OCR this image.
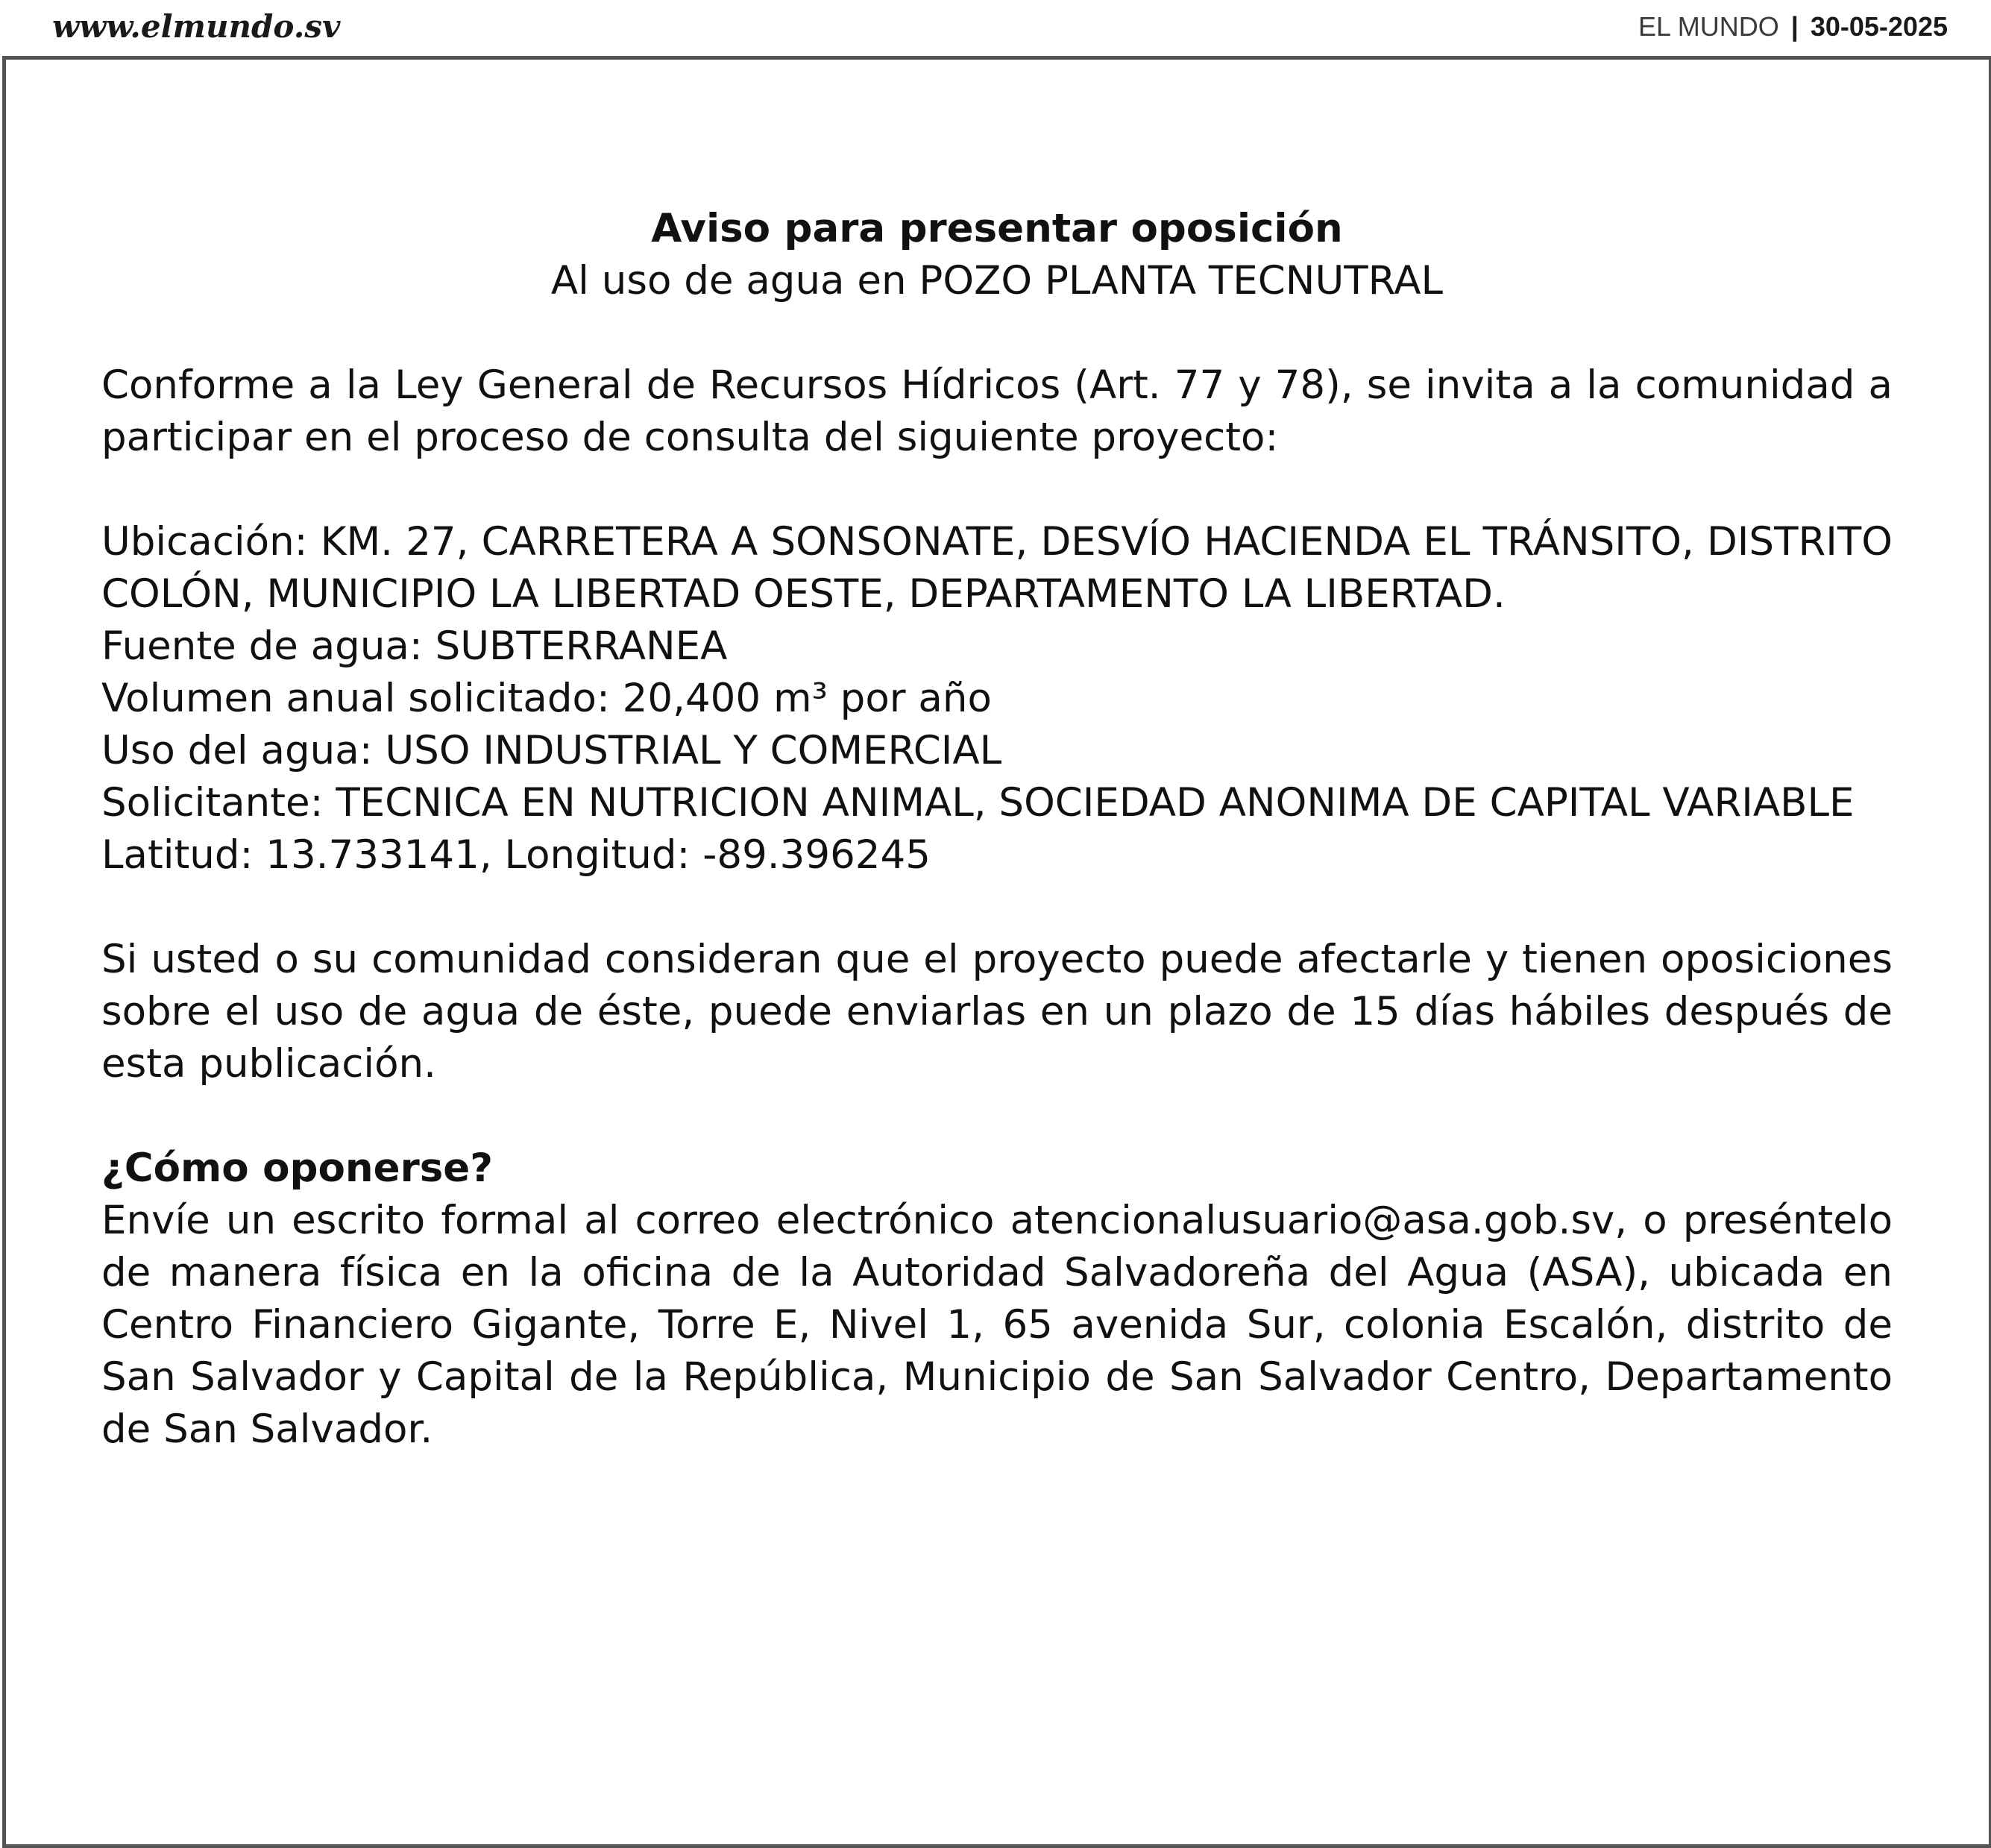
www.elmundo.sv	EL MUNDO | 30-05-2025

Aviso para presentar oposición

Al uso de agua en POZO PLANTA TECNUTRAL

Conforme a la Ley General de Recursos Hídricos (Art. 77 y 78), se invita a la comunidad a participar en el proceso de consulta del siguiente proyecto:

Ubicación: KM. 27, CARRETERA A SONSONATE, DESVÍO HACIENDA EL TRÁNSITO, DISTRITO COLÓN, MUNICIPIO LA LIBERTAD OESTE, DEPARTAMENTO LA LIBERTAD.

Fuente de agua: SUBTERRANEA

Volumen anual solicitado: 20,400 m³ por año

Uso del agua: USO INDUSTRIAL Y COMERCIAL

Solicitante: TECNICA EN NUTRICION ANIMAL, SOCIEDAD ANONIMA DE CAPITAL VARIABLE

Latitud: 13.733141, Longitud: -89.396245

Si usted o su comunidad consideran que el proyecto puede afectarle y tienen oposiciones sobre el uso de agua de éste, puede enviarlas en un plazo de 15 días hábiles después de esta publicación.

¿Cómo oponerse?

Envíe un escrito formal al correo electrónico atencionalusuario@asa.gob.sv, o preséntelo de manera física en la oficina de la Autoridad Salvadoreña del Agua (ASA), ubicada en Centro Financiero Gigante, Torre E, Nivel 1, 65 avenida Sur, colonia Escalón, distrito de San Salvador y Capital de la República, Municipio de San Salvador Centro, Departamento de San Salvador.
